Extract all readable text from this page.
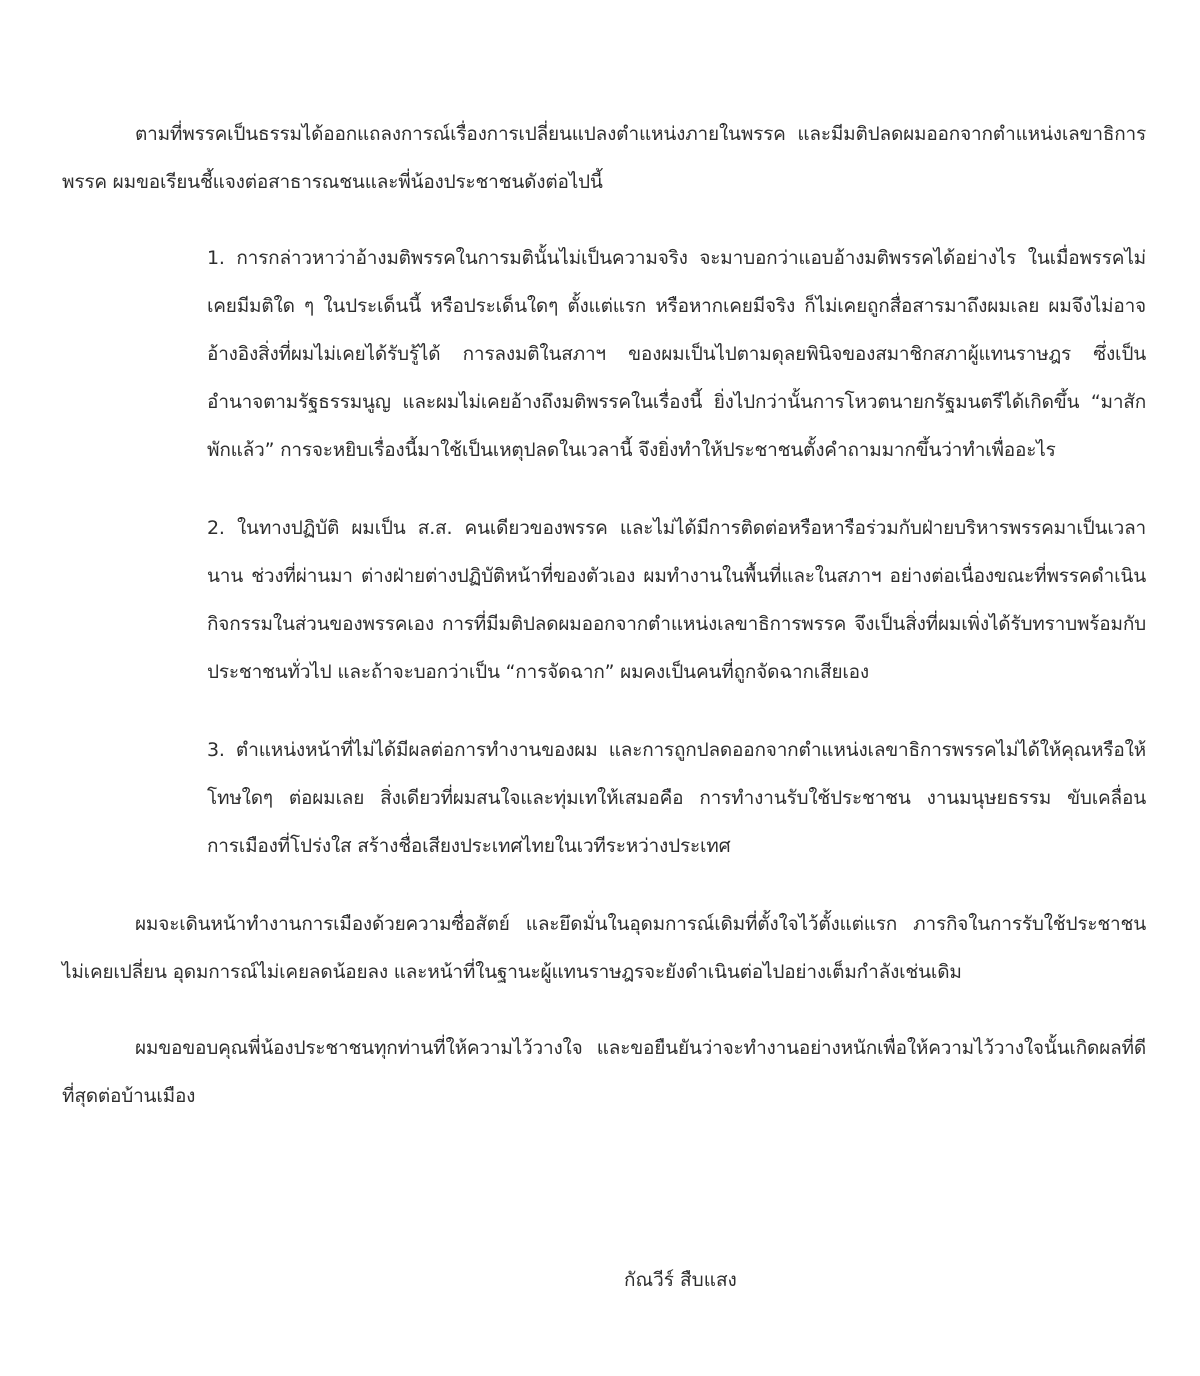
ตามที่พรรคเป็นธรรมได้ออกแถลงการณ์เรื่องการเปลี่ยนแปลงตำแหน่งภายในพรรค และมีมติปลดผมออกจากตำแหน่งเลขาธิการพรรค ผมขอเรียนชี้แจงต่อสาธารณชนและพี่น้องประชาชนดังต่อไปนี้

1. การกล่าวหาว่าอ้างมติพรรคในการมตินั้นไม่เป็นความจริง จะมาบอกว่าแอบอ้างมติพรรคได้อย่างไร ในเมื่อพรรคไม่เคยมีมติใด ๆ ในประเด็นนี้ หรือประเด็นใดๆ ตั้งแต่แรก หรือหากเคยมีจริง ก็ไม่เคยถูกสื่อสารมาถึงผมเลย ผมจึงไม่อาจอ้างอิงสิ่งที่ผมไม่เคยได้รับรู้ได้ การลงมติในสภาฯ ของผมเป็นไปตามดุลยพินิจของสมาชิกสภาผู้แทนราษฎร ซึ่งเป็นอำนาจตามรัฐธรรมนูญ และผมไม่เคยอ้างถึงมติพรรคในเรื่องนี้ ยิ่งไปกว่านั้นการโหวตนายกรัฐมนตรีได้เกิดขึ้น “มาสักพักแล้ว” การจะหยิบเรื่องนี้มาใช้เป็นเหตุปลดในเวลานี้ จึงยิ่งทำให้ประชาชนตั้งคำถามมากขึ้นว่าทำเพื่ออะไร
2. ในทางปฏิบัติ ผมเป็น ส.ส. คนเดียวของพรรค และไม่ได้มีการติดต่อหรือหารือร่วมกับฝ่ายบริหารพรรคมาเป็นเวลานาน ช่วงที่ผ่านมา ต่างฝ่ายต่างปฏิบัติหน้าที่ของตัวเอง ผมทำงานในพื้นที่และในสภาฯ อย่างต่อเนื่องขณะที่พรรคดำเนินกิจกรรมในส่วนของพรรคเอง การที่มีมติปลดผมออกจากตำแหน่งเลขาธิการพรรค จึงเป็นสิ่งที่ผมเพิ่งได้รับทราบพร้อมกับประชาชนทั่วไป และถ้าจะบอกว่าเป็น “การจัดฉาก” ผมคงเป็นคนที่ถูกจัดฉากเสียเอง
3. ตำแหน่งหน้าที่ไม่ได้มีผลต่อการทำงานของผม และการถูกปลดออกจากตำแหน่งเลขาธิการพรรคไม่ได้ให้คุณหรือให้โทษใดๆ ต่อผมเลย สิ่งเดียวที่ผมสนใจและทุ่มเทให้เสมอคือ การทำงานรับใช้ประชาชน งานมนุษยธรรม ขับเคลื่อนการเมืองที่โปร่งใส สร้างชื่อเสียงประเทศไทยในเวทีระหว่างประเทศ

ผมจะเดินหน้าทำงานการเมืองด้วยความซื่อสัตย์ และยึดมั่นในอุดมการณ์เดิมที่ตั้งใจไว้ตั้งแต่แรก ภารกิจในการรับใช้ประชาชนไม่เคยเปลี่ยน อุดมการณ์ไม่เคยลดน้อยลง และหน้าที่ในฐานะผู้แทนราษฎรจะยังดำเนินต่อไปอย่างเต็มกำลังเช่นเดิม

ผมขอขอบคุณพี่น้องประชาชนทุกท่านที่ให้ความไว้วางใจ และขอยืนยันว่าจะทำงานอย่างหนักเพื่อให้ความไว้วางใจนั้นเกิดผลที่ดีที่สุดต่อบ้านเมือง

กัณวีร์ สืบแสง
